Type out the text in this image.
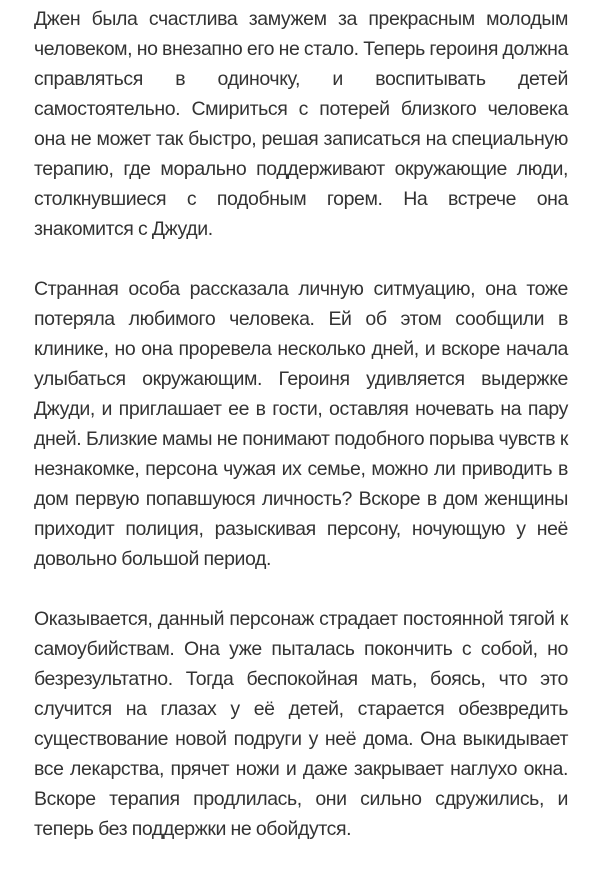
Джен была счастлива замужем за прекрасным молодым человеком, но внезапно его не стало. Теперь героиня должна справляться в одиночку, и воспитывать детей самостоятельно. Смириться с потерей близкого человека она не может так быстро, решая записаться на специальную терапию, где морально поддерживают окружающие люди, столкнувшиеся с подобным горем. На встрече она знакомится с Джуди.

Странная особа рассказала личную ситмуацию, она тоже потеряла любимого человека. Ей об этом сообщили в клинике, но она проревела несколько дней, и вскоре начала улыбаться окружающим. Героиня удивляется выдержке Джуди, и приглашает ее в гости, оставляя ночевать на пару дней. Близкие мамы не понимают подобного порыва чувств к незнакомке, персона чужая их семье, можно ли приводить в дом первую попавшуюся личность? Вскоре в дом женщины приходит полиция, разыскивая персону, ночующую у неё довольно большой период.

Оказывается, данный персонаж страдает постоянной тягой к самоубийствам. Она уже пыталась покончить с собой, но безрезультатно. Тогда беспокойная мать, боясь, что это случится на глазах у её детей, старается обезвредить существование новой подруги у неё дома. Она выкидывает все лекарства, прячет ножи и даже закрывает наглухо окна. Вскоре терапия продлилась, они сильно сдружились, и теперь без поддержки не обойдутся.
